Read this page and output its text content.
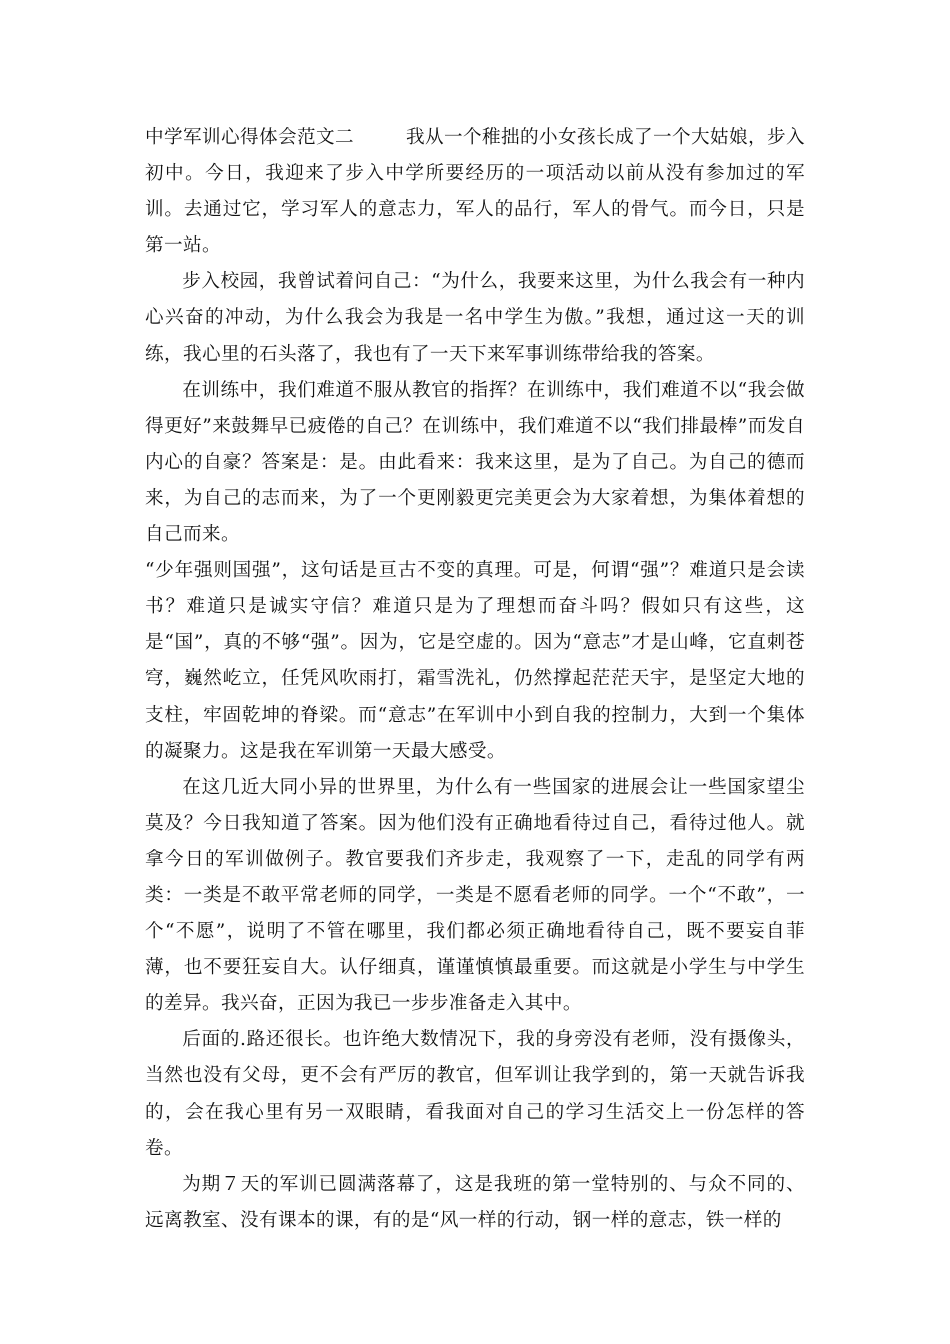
中学军训心得体会范文二	我从一个稚拙的小女孩长成了一个大姑娘，步入初中。今日，我迎来了步入中学所要经历的一项活动以前从没有参加过的军训。去通过它，学习军人的意志力，军人的品行，军人的骨气。而今日，只是第一站。

步入校园，我曾试着问自己：“为什么，我要来这里，为什么我会有一种内心兴奋的冲动，为什么我会为我是一名中学生为傲。”我想，通过这一天的训练，我心里的石头落了，我也有了一天下来军事训练带给我的答案。

在训练中，我们难道不服从教官的指挥？在训练中，我们难道不以“我会做得更好”来鼓舞早已疲倦的自己？在训练中，我们难道不以“我们排最棒”而发自内心的自豪？答案是：是。由此看来：我来这里，是为了自己。为自己的德而来，为自己的志而来，为了一个更刚毅更完美更会为大家着想，为集体着想的自己而来。

“少年强则国强”，这句话是亘古不变的真理。可是，何谓“强”？难道只是会读书？难道只是诚实守信？难道只是为了理想而奋斗吗？假如只有这些，这是“国”，真的不够“强”。因为，它是空虚的。因为“意志”才是山峰，它直刺苍穹，巍然屹立，任凭风吹雨打，霜雪洗礼，仍然撑起茫茫天宇，是坚定大地的支柱，牢固乾坤的脊梁。而“意志”在军训中小到自我的控制力，大到一个集体的凝聚力。这是我在军训第一天最大感受。

在这几近大同小异的世界里，为什么有一些国家的进展会让一些国家望尘莫及？今日我知道了答案。因为他们没有正确地看待过自己，看待过他人。就拿今日的军训做例子。教官要我们齐步走，我观察了一下，走乱的同学有两类：一类是不敢平常老师的同学，一类是不愿看老师的同学。一个“不敢”，一个“不愿”，说明了不管在哪里，我们都必须正确地看待自己，既不要妄自菲薄，也不要狂妄自大。认仔细真，谨谨慎慎最重要。而这就是小学生与中学生的差异。我兴奋，正因为我已一步步准备走入其中。

后面的.路还很长。也许绝大数情况下，我的身旁没有老师，没有摄像头，当然也没有父母，更不会有严厉的教官，但军训让我学到的，第一天就告诉我的，会在我心里有另一双眼睛，看我面对自己的学习生活交上一份怎样的答卷。

为期７天的军训已圆满落幕了，这是我班的第一堂特别的、与众不同的、远离教室、没有课本的课，有的是“风一样的行动，钢一样的意志，铁一样的
